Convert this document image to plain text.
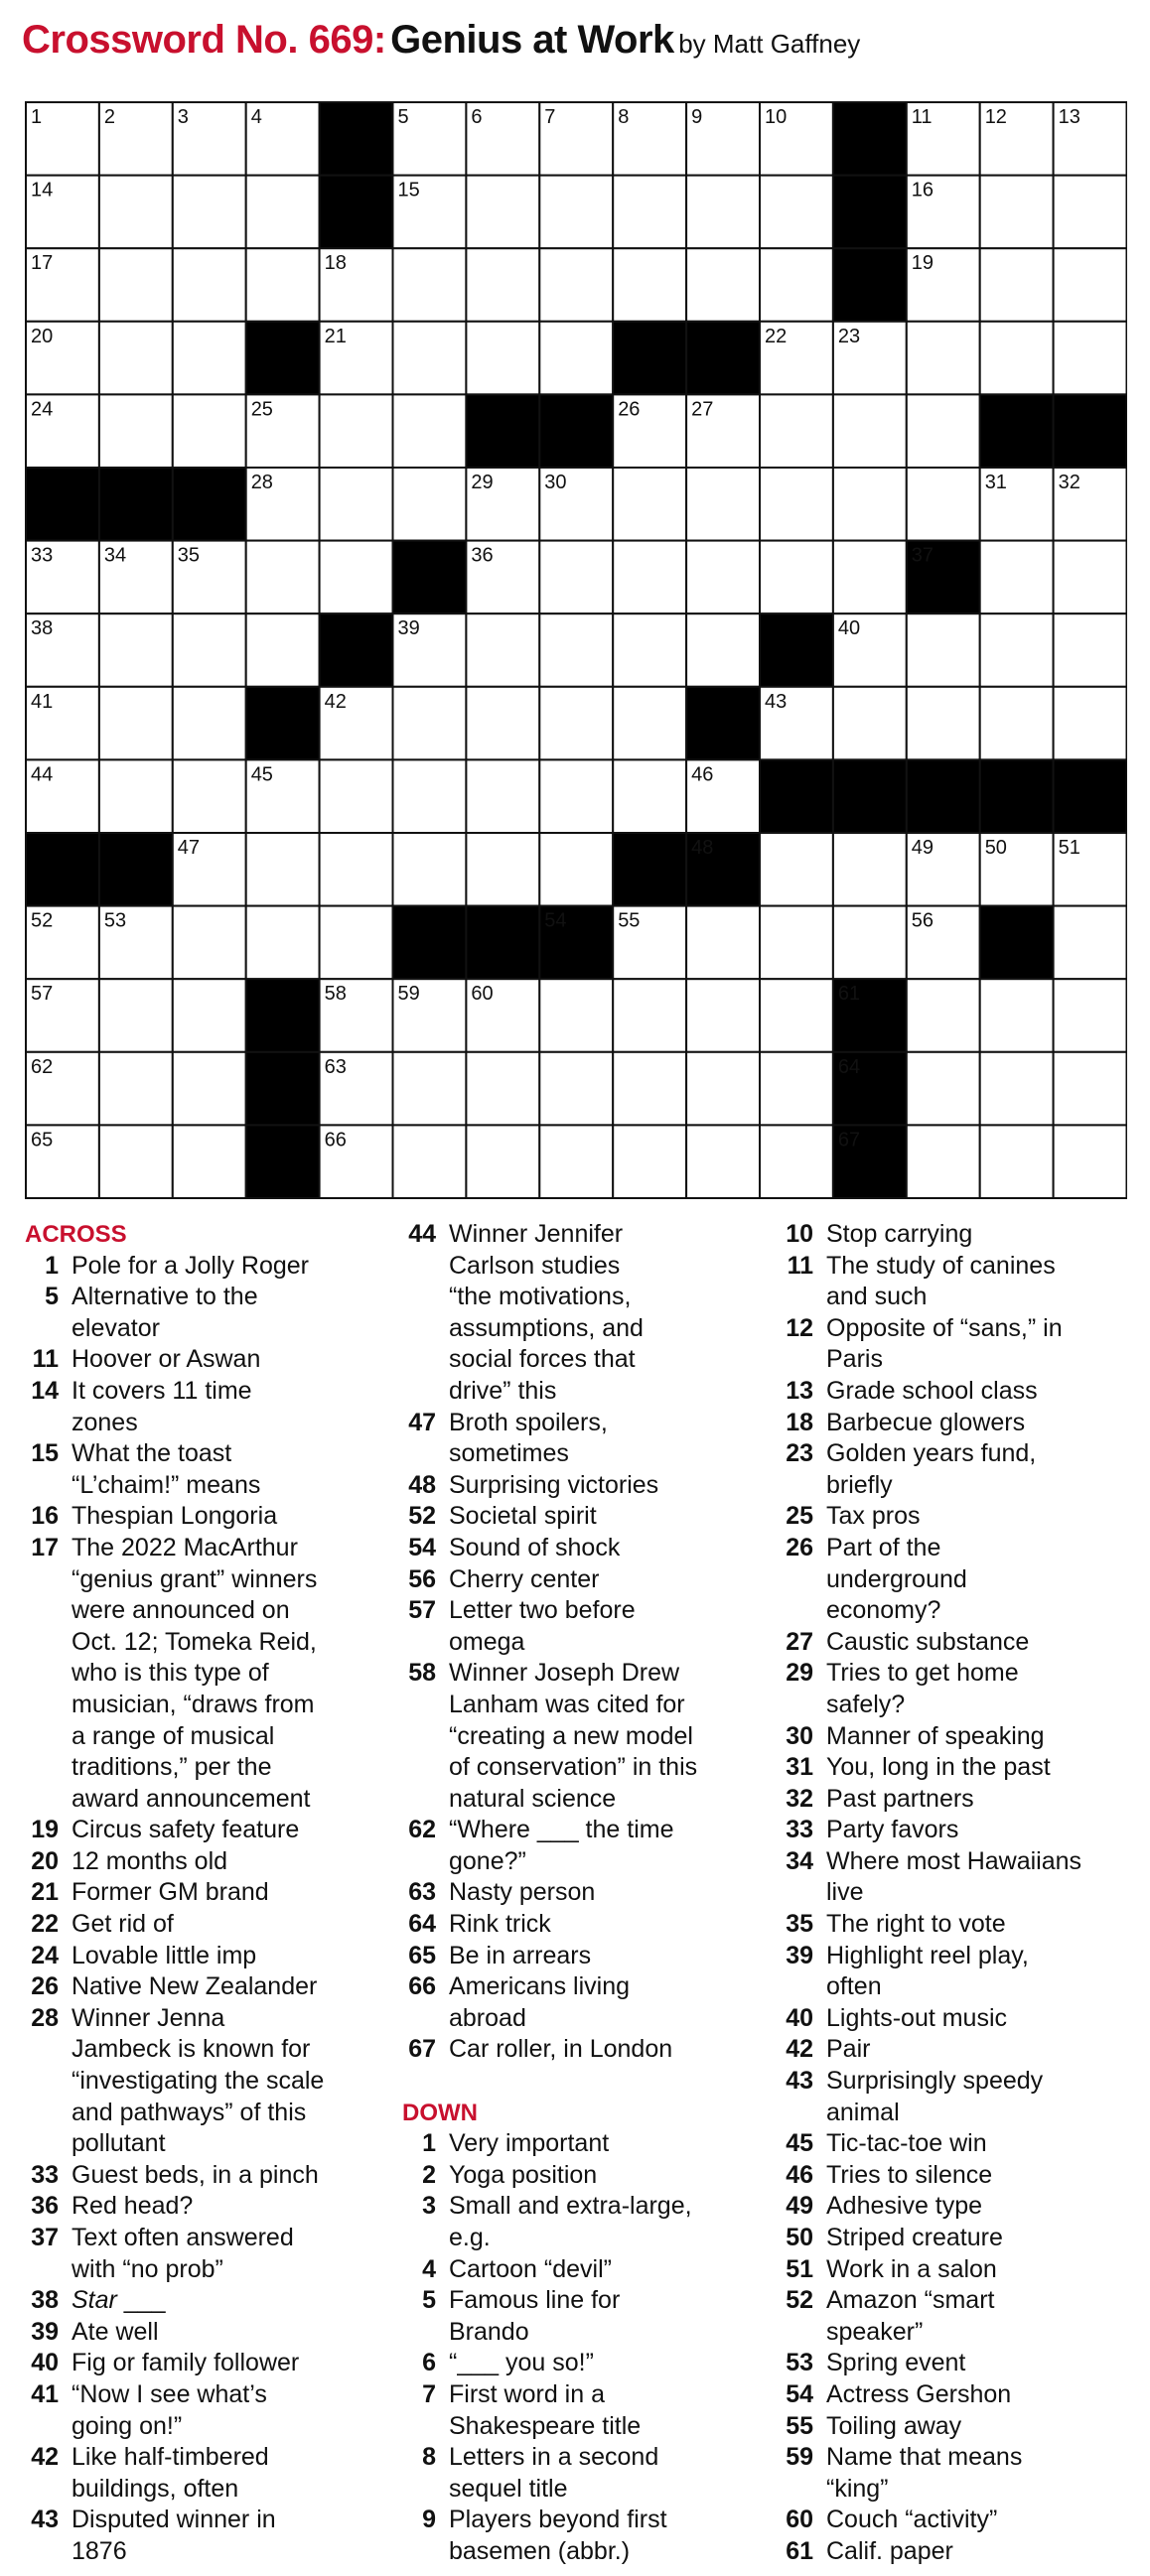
Crossword No. 669: Genius at Work by Matt Gaffney
1	2	3	4	5	6	7	8	9	10	11	12	13
14	15	16
17	18	19
20	21	22	23
24	25	26	27
28	29	30	31	32
33	34	35	36	37
38	39	40
41	42	43
44	45	46
47	48	49	50	51
52	53	54	55	56
57	58	59	60	61
62	63	64
65	66	67
ACROSS
1 Pole for a Jolly Roger
5 Alternative to the
elevator
11 Hoover or Aswan
14 It covers 11 time
zones
15 What the toast
“L’chaim!” means
16 Thespian Longoria
17 The 2022 MacArthur
“genius grant” winners
were announced on
Oct. 12; Tomeka Reid,
who is this type of
musician, “draws from
a range of musical
traditions,” per the
award announcement
19 Circus safety feature
20 12 months old
21 Former GM brand
22 Get rid of
24 Lovable little imp
26 Native New Zealander
28 Winner Jenna
Jambeck is known for
“investigating the scale
and pathways” of this
pollutant
33 Guest beds, in a pinch
36 Red head?
37 Text often answered
with “no prob”
38 Star ___
39 Ate well
40 Fig or family follower
41 “Now I see what’s
going on!”
42 Like half-timbered
buildings, often
43 Disputed winner in
1876
44 Winner Jennifer
Carlson studies
“the motivations,
assumptions, and
social forces that
drive” this
47 Broth spoilers,
sometimes
48 Surprising victories
52 Societal spirit
54 Sound of shock
56 Cherry center
57 Letter two before
omega
58 Winner Joseph Drew
Lanham was cited for
“creating a new model
of conservation” in this
natural science
62 “Where ___ the time
gone?”
63 Nasty person
64 Rink trick
65 Be in arrears
66 Americans living
abroad
67 Car roller, in London
DOWN
1 Very important
2 Yoga position
3 Small and extra-large,
e.g.
4 Cartoon “devil”
5 Famous line for
Brando
6 “___ you so!”
7 First word in a
Shakespeare title
8 Letters in a second
sequel title
9 Players beyond first
basemen (abbr.)
10 Stop carrying
11 The study of canines
and such
12 Opposite of “sans,” in
Paris
13 Grade school class
18 Barbecue glowers
23 Golden years fund,
briefly
25 Tax pros
26 Part of the
underground
economy?
27 Caustic substance
29 Tries to get home
safely?
30 Manner of speaking
31 You, long in the past
32 Past partners
33 Party favors
34 Where most Hawaiians
live
35 The right to vote
39 Highlight reel play,
often
40 Lights-out music
42 Pair
43 Surprisingly speedy
animal
45 Tic-tac-toe win
46 Tries to silence
49 Adhesive type
50 Striped creature
51 Work in a salon
52 Amazon “smart
speaker”
53 Spring event
54 Actress Gershon
55 Toiling away
59 Name that means
“king”
60 Couch “activity”
61 Calif. paper
